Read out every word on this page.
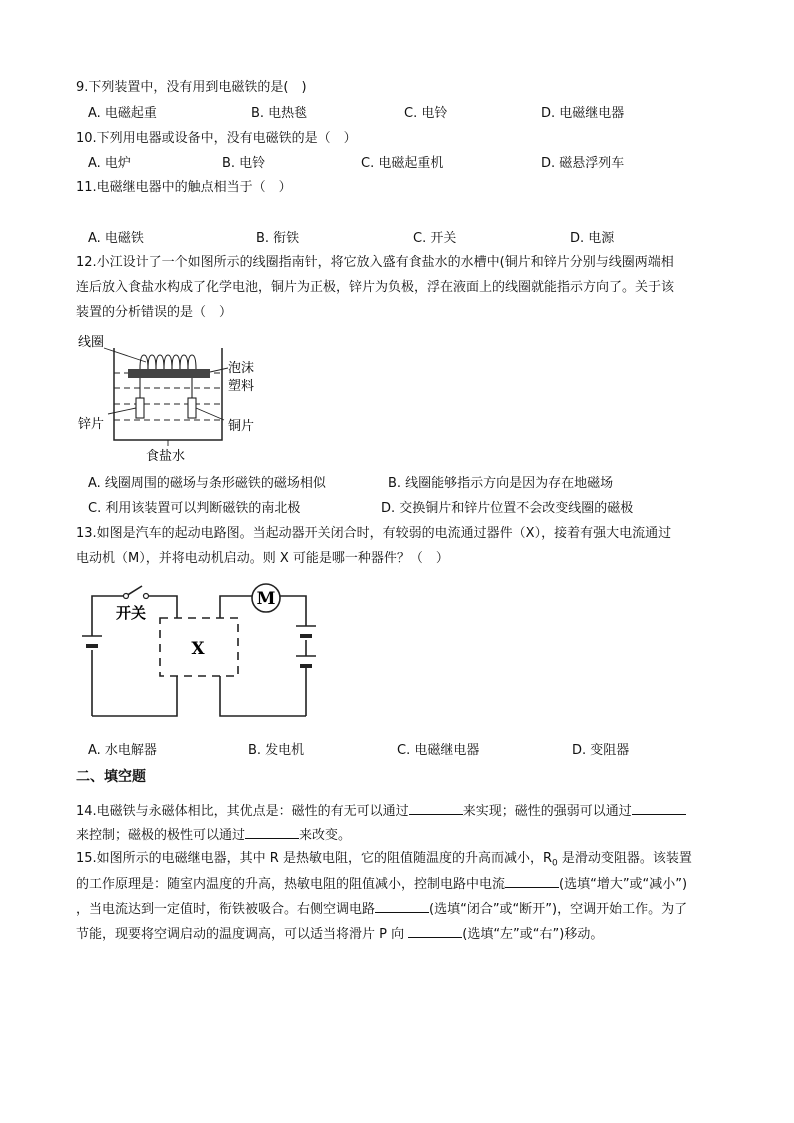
9.下列装置中，没有用到电磁铁的是(　)
A. 电磁起重	B. 电热毯	C. 电铃	D. 电磁继电器
10.下列用电器或设备中，没有电磁铁的是（　）
A. 电炉	B. 电铃	C. 电磁起重机	D. 磁悬浮列车
11.电磁继电器中的触点相当于（　）
A. 电磁铁	B. 衔铁	C. 开关	D. 电源
12.小江设计了一个如图所示的线圈指南针，将它放入盛有食盐水的水槽中(铜片和锌片分别与线圈两端相
连后放入食盐水构成了化学电池，铜片为正极，锌片为负极，浮在液面上的线圈就能指示方向了。关于该
装置的分析错误的是（　）
线圈
泡沫
塑料
锌片	铜片
食盐水
A. 线圈周围的磁场与条形磁铁的磁场相似	B. 线圈能够指示方向是因为存在地磁场
C. 利用该装置可以判断磁铁的南北极	D. 交换铜片和锌片位置不会改变线圈的磁极
13.如图是汽车的起动电路图。当起动器开关闭合时，有较弱的电流通过器件（X），接着有强大电流通过
电动机（M），并将电动机启动。则 X 可能是哪一种器件？（　）
M
X
开关
A. 水电解器	B. 发电机	C. 电磁继电器	D. 变阻器
二、填空题
14.电磁铁与永磁体相比，其优点是：磁性的有无可以通过	来实现；磁性的强弱可以通过
来控制；磁极的极性可以通过	来改变。
15.如图所示的电磁继电器，其中 R 是热敏电阻，它的阻值随温度的升高而减小，$R_0$ 是滑动变阻器。该装置
的工作原理是：随室内温度的升高，热敏电阻的阻值减小，控制电路中电流	(选填“增大”或“减小”)
，当电流达到一定值时，衔铁被吸合。右侧空调电路	(选填“闭合”或“断开”)，空调开始工作。为了
节能，现要将空调启动的温度调高，可以适当将滑片 P 向	(选填“左”或“右”)移动。
